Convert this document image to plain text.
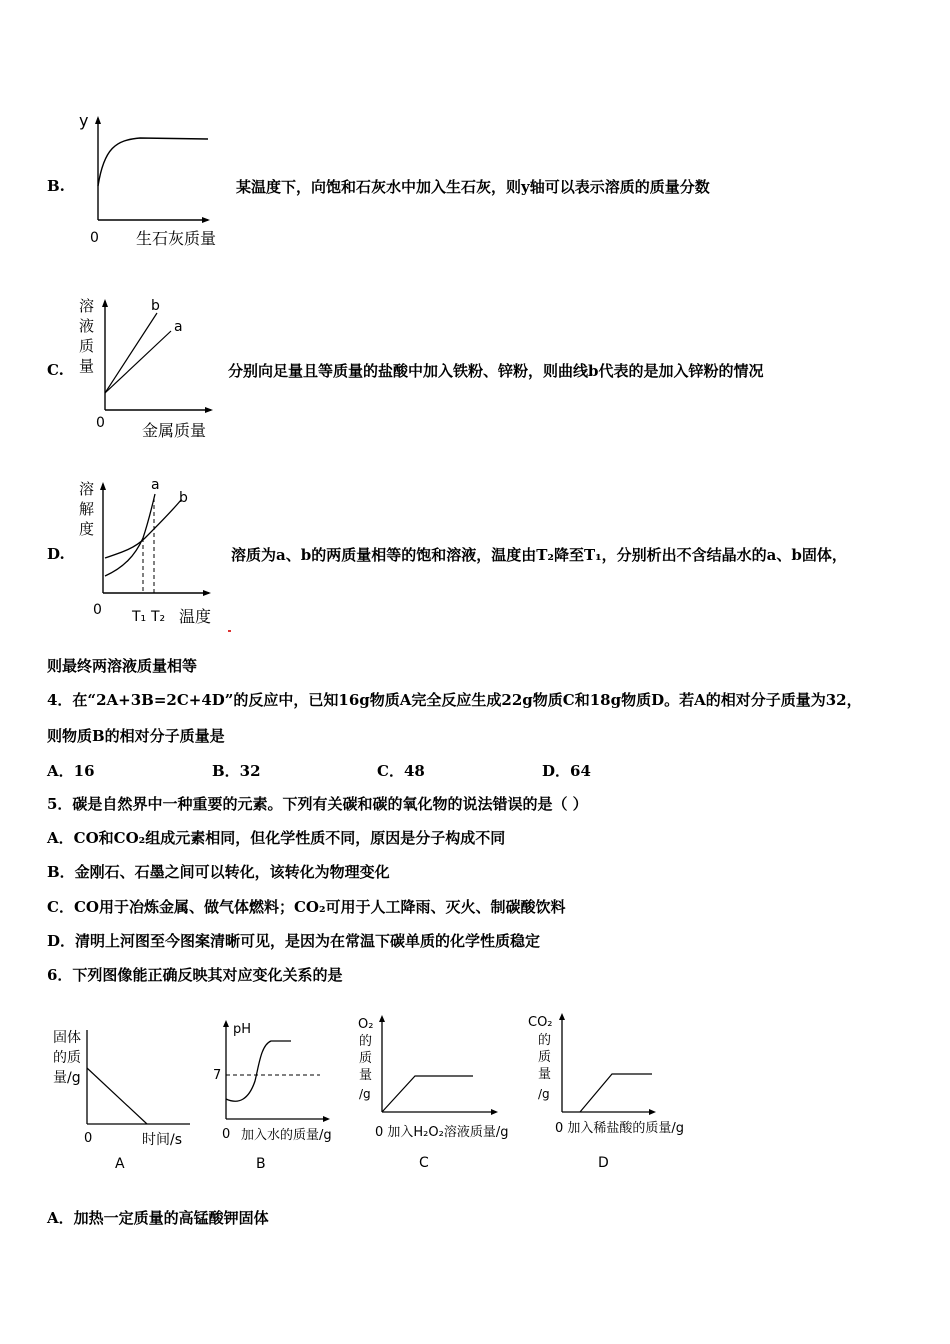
B.
y
0 生石灰质量
某温度下，向饱和石灰水中加入生石灰，则y轴可以表示溶质的质量分数
C.
溶
液
质
量
b
a
0 金属质量
分别向足量且等质量的盐酸中加入铁粉、锌粉，则曲线b代表的是加入锌粉的情况
D.
溶
解
度
a
b
0 T₁ T₂ 温度
溶质为a、b的两质量相等的饱和溶液，温度由T₂降至T₁，分别析出不含结晶水的a、b固体，
则最终两溶液质量相等
4．在“2A+3B=2C+4D”的反应中，已知16g物质A完全反应生成22g物质C和18g物质D。若A的相对分子质量为32，
则物质B的相对分子质量是
A．16	B．32	C．48	D．64
5．碳是自然界中一种重要的元素。下列有关碳和碳的氧化物的说法错误的是（ ）
A．CO和CO₂组成元素相同，但化学性质不同，原因是分子构成不同
B．金刚石、石墨之间可以转化，该转化为物理变化
C．CO用于冶炼金属、做气体燃料；CO₂可用于人工降雨、灭火、制碳酸饮料
D．清明上河图至今图案清晰可见，是因为在常温下碳单质的化学性质稳定
6．下列图像能正确反映其对应变化关系的是
固体
的质
量/g
0	时间/s
A
pH
7
0 加入水的质量/g
B
O₂
的
质
量
/g
0 加入H₂O₂溶液质量/g
C
CO₂
的
质
量
/g
0 加入稀盐酸的质量/g
D
A．加热一定质量的高锰酸钾固体
